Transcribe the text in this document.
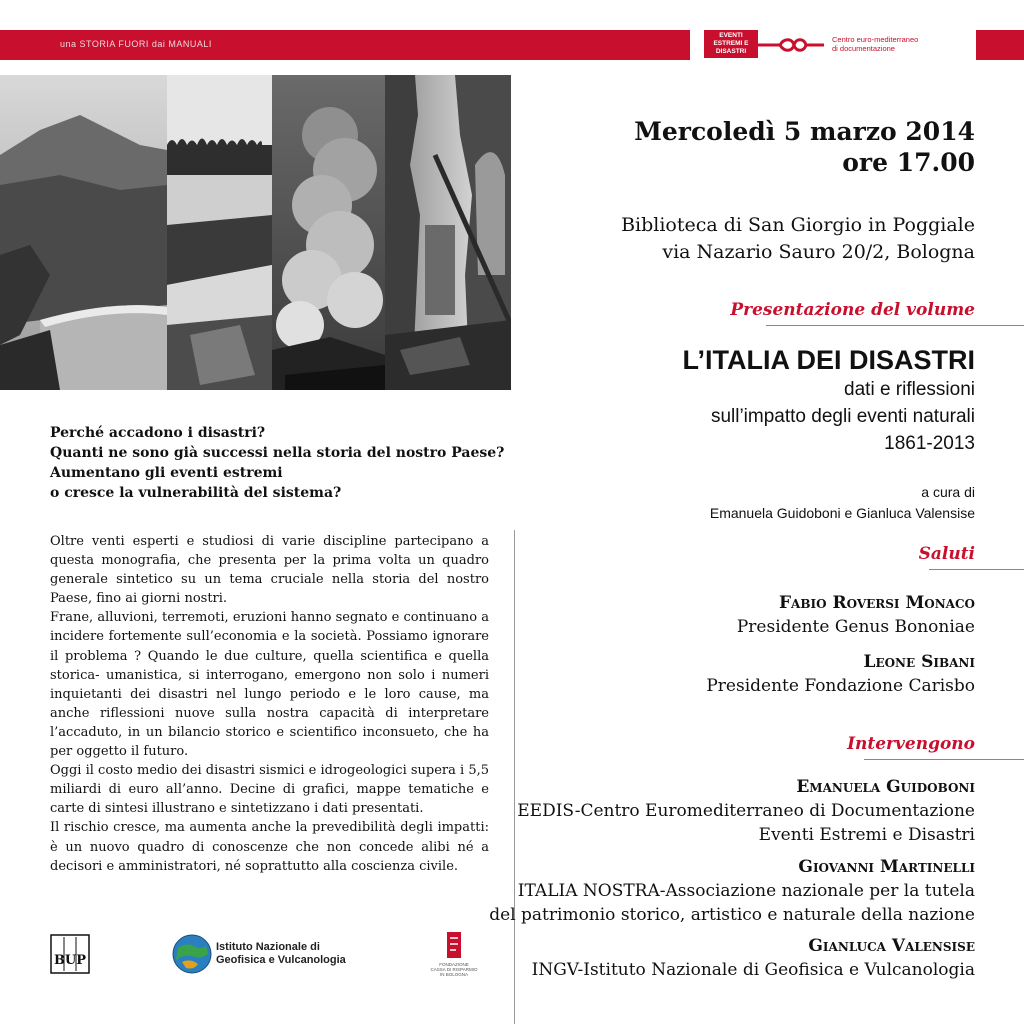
una STORIA FUORI dai MANUALI
EVENTI ESTREMI E DISASTRI
Centro euro-mediterraneo
di documentazione
Perché accadono i disastri?
Quanti ne sono già successi nella storia del nostro Paese?
Aumentano gli eventi estremi
o cresce la vulnerabilità del sistema?

Oltre venti esperti e studiosi di varie discipline partecipano a questa monografia, che presenta per la prima volta un quadro generale sintetico su un tema cruciale nella storia del nostro Paese, fino ai giorni nostri.

Frane, alluvioni, terremoti, eruzioni hanno segnato e continuano a incidere fortemente sull’economia e la società. Possiamo ignorare il problema ? Quando le due culture, quella scientifica e quella storica- umanistica, si interrogano, emergono non solo i numeri inquietanti dei disastri nel lungo periodo e le loro cause, ma anche riflessioni nuove sulla nostra capacità di interpretare l’accaduto, in un bilancio storico e scientifico inconsueto, che ha per oggetto il futuro.

Oggi il costo medio dei disastri sismici e idrogeologici supera i 5,5 miliardi di euro all’anno. Decine di grafici, mappe tematiche e carte di sintesi illustrano e sintetizzano i dati presentati.

Il rischio cresce, ma aumenta anche la prevedibilità degli impatti: è un nuovo quadro di conoscenze che non concede alibi né a decisori e amministratori, né soprattutto alla coscienza civile.

BUP
Istituto Nazionale di
Geofisica e Vulcanologia	FONDAZIONE
CASSA DI RISPARMIO
IN BOLOGNA
Mercoledì 5 marzo 2014
ore 17.00
Biblioteca di San Giorgio in Poggiale
via Nazario Sauro 20/2, Bologna
Presentazione del volume
L’ITALIA DEI DISASTRI
dati e riflessioni
sull’impatto degli eventi naturali
1861-2013
a cura di
Emanuela Guidoboni e Gianluca Valensise
Saluti
Fabio Roversi Monaco
Presidente Genus Bononiae
Leone Sibani
Presidente Fondazione Carisbo
Intervengono
Emanuela Guidoboni
EEDIS-Centro Euromediterraneo di Documentazione
Eventi Estremi e Disastri
Giovanni Martinelli
ITALIA NOSTRA-Associazione nazionale per la tutela
del patrimonio storico, artistico e naturale della nazione
Gianluca Valensise
INGV-Istituto Nazionale di Geofisica e Vulcanologia
